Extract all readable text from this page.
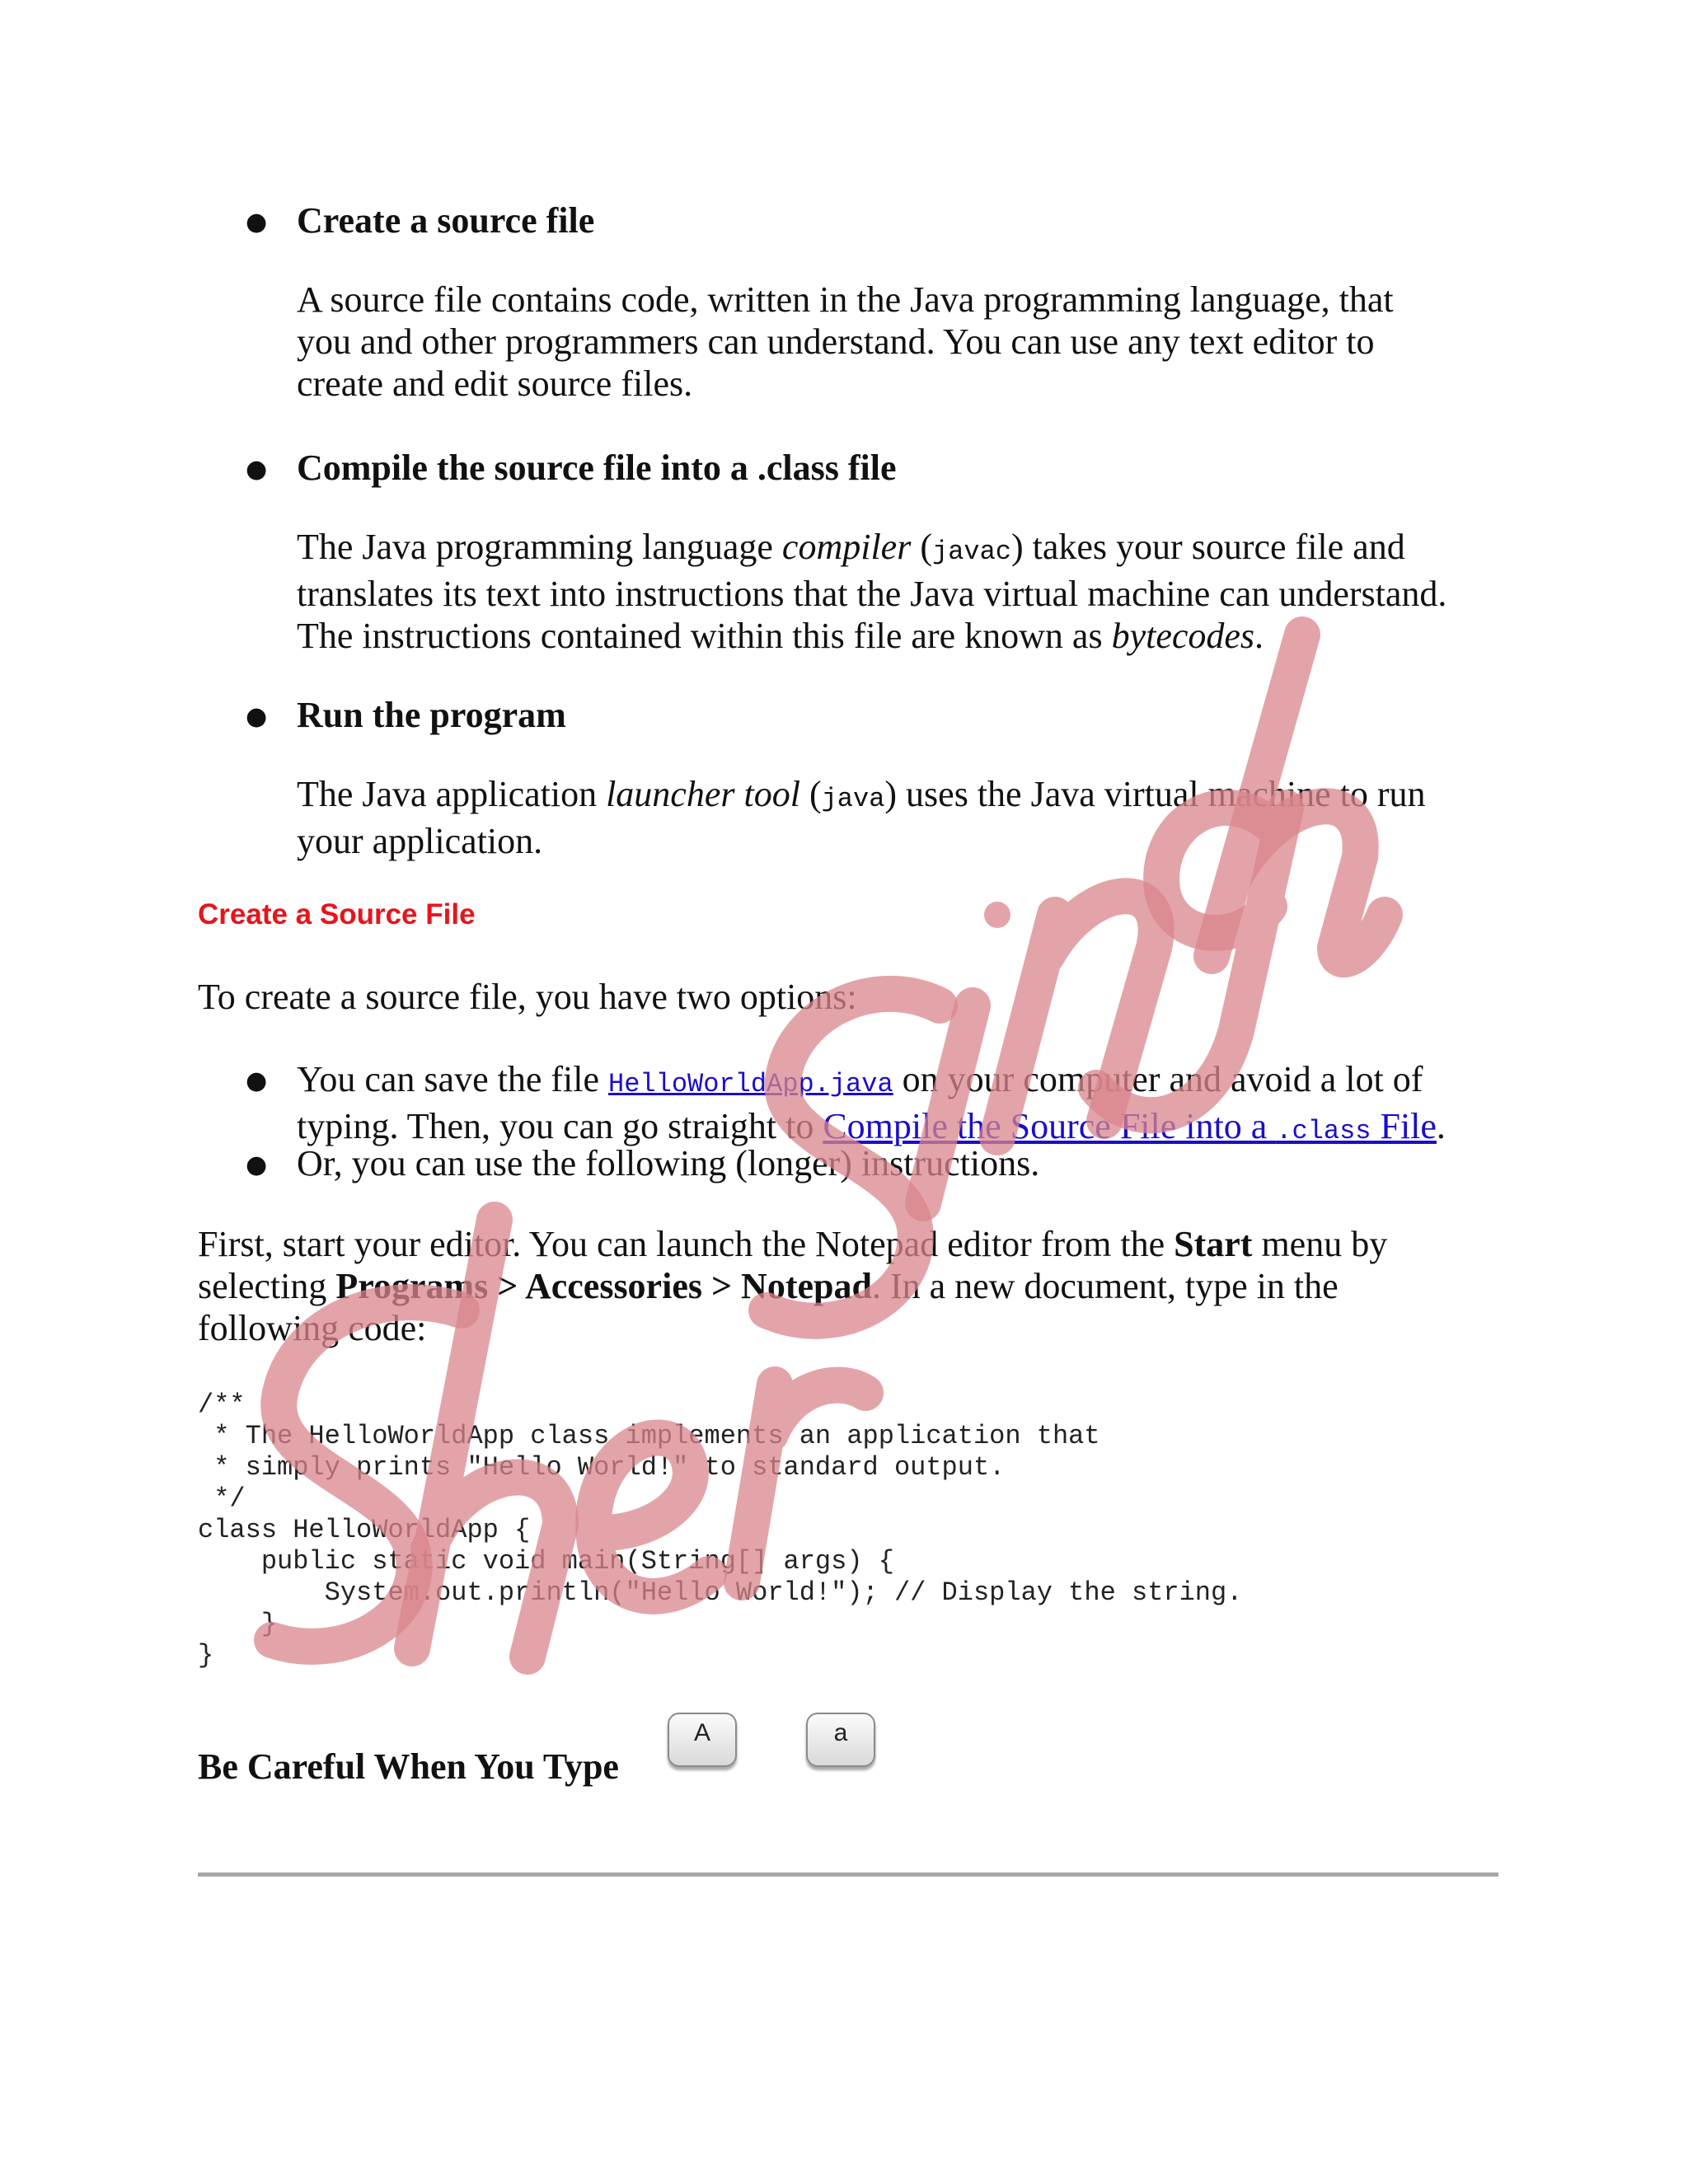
● Create a source file
A source file contains code, written in the Java programming language, that
you and other programmers can understand. You can use any text editor to
create and edit source files.
● Compile the source file into a .class file
The Java programming language compiler (javac) takes your source file and
translates its text into instructions that the Java virtual machine can understand.
The instructions contained within this file are known as bytecodes.
● Run the program
The Java application launcher tool (java) uses the Java virtual machine to run
your application.
Create a Source File
To create a source file, you have two options:
● You can save the file HelloWorldApp.java on your computer and avoid a lot of
typing. Then, you can go straight to Compile the Source File into a .class File.
● Or, you can use the following (longer) instructions.
First, start your editor. You can launch the Notepad editor from the Start menu by
selecting Programs > Accessories > Notepad. In a new document, type in the
following code:
/**
* The HelloWorldApp class implements an application that
* simply prints "Hello World!" to standard output.
*/
class HelloWorldApp {
public static void main(String[] args) {
System.out.println("Hello World!"); // Display the string.
}
}
Be Careful When You Type
A	a
